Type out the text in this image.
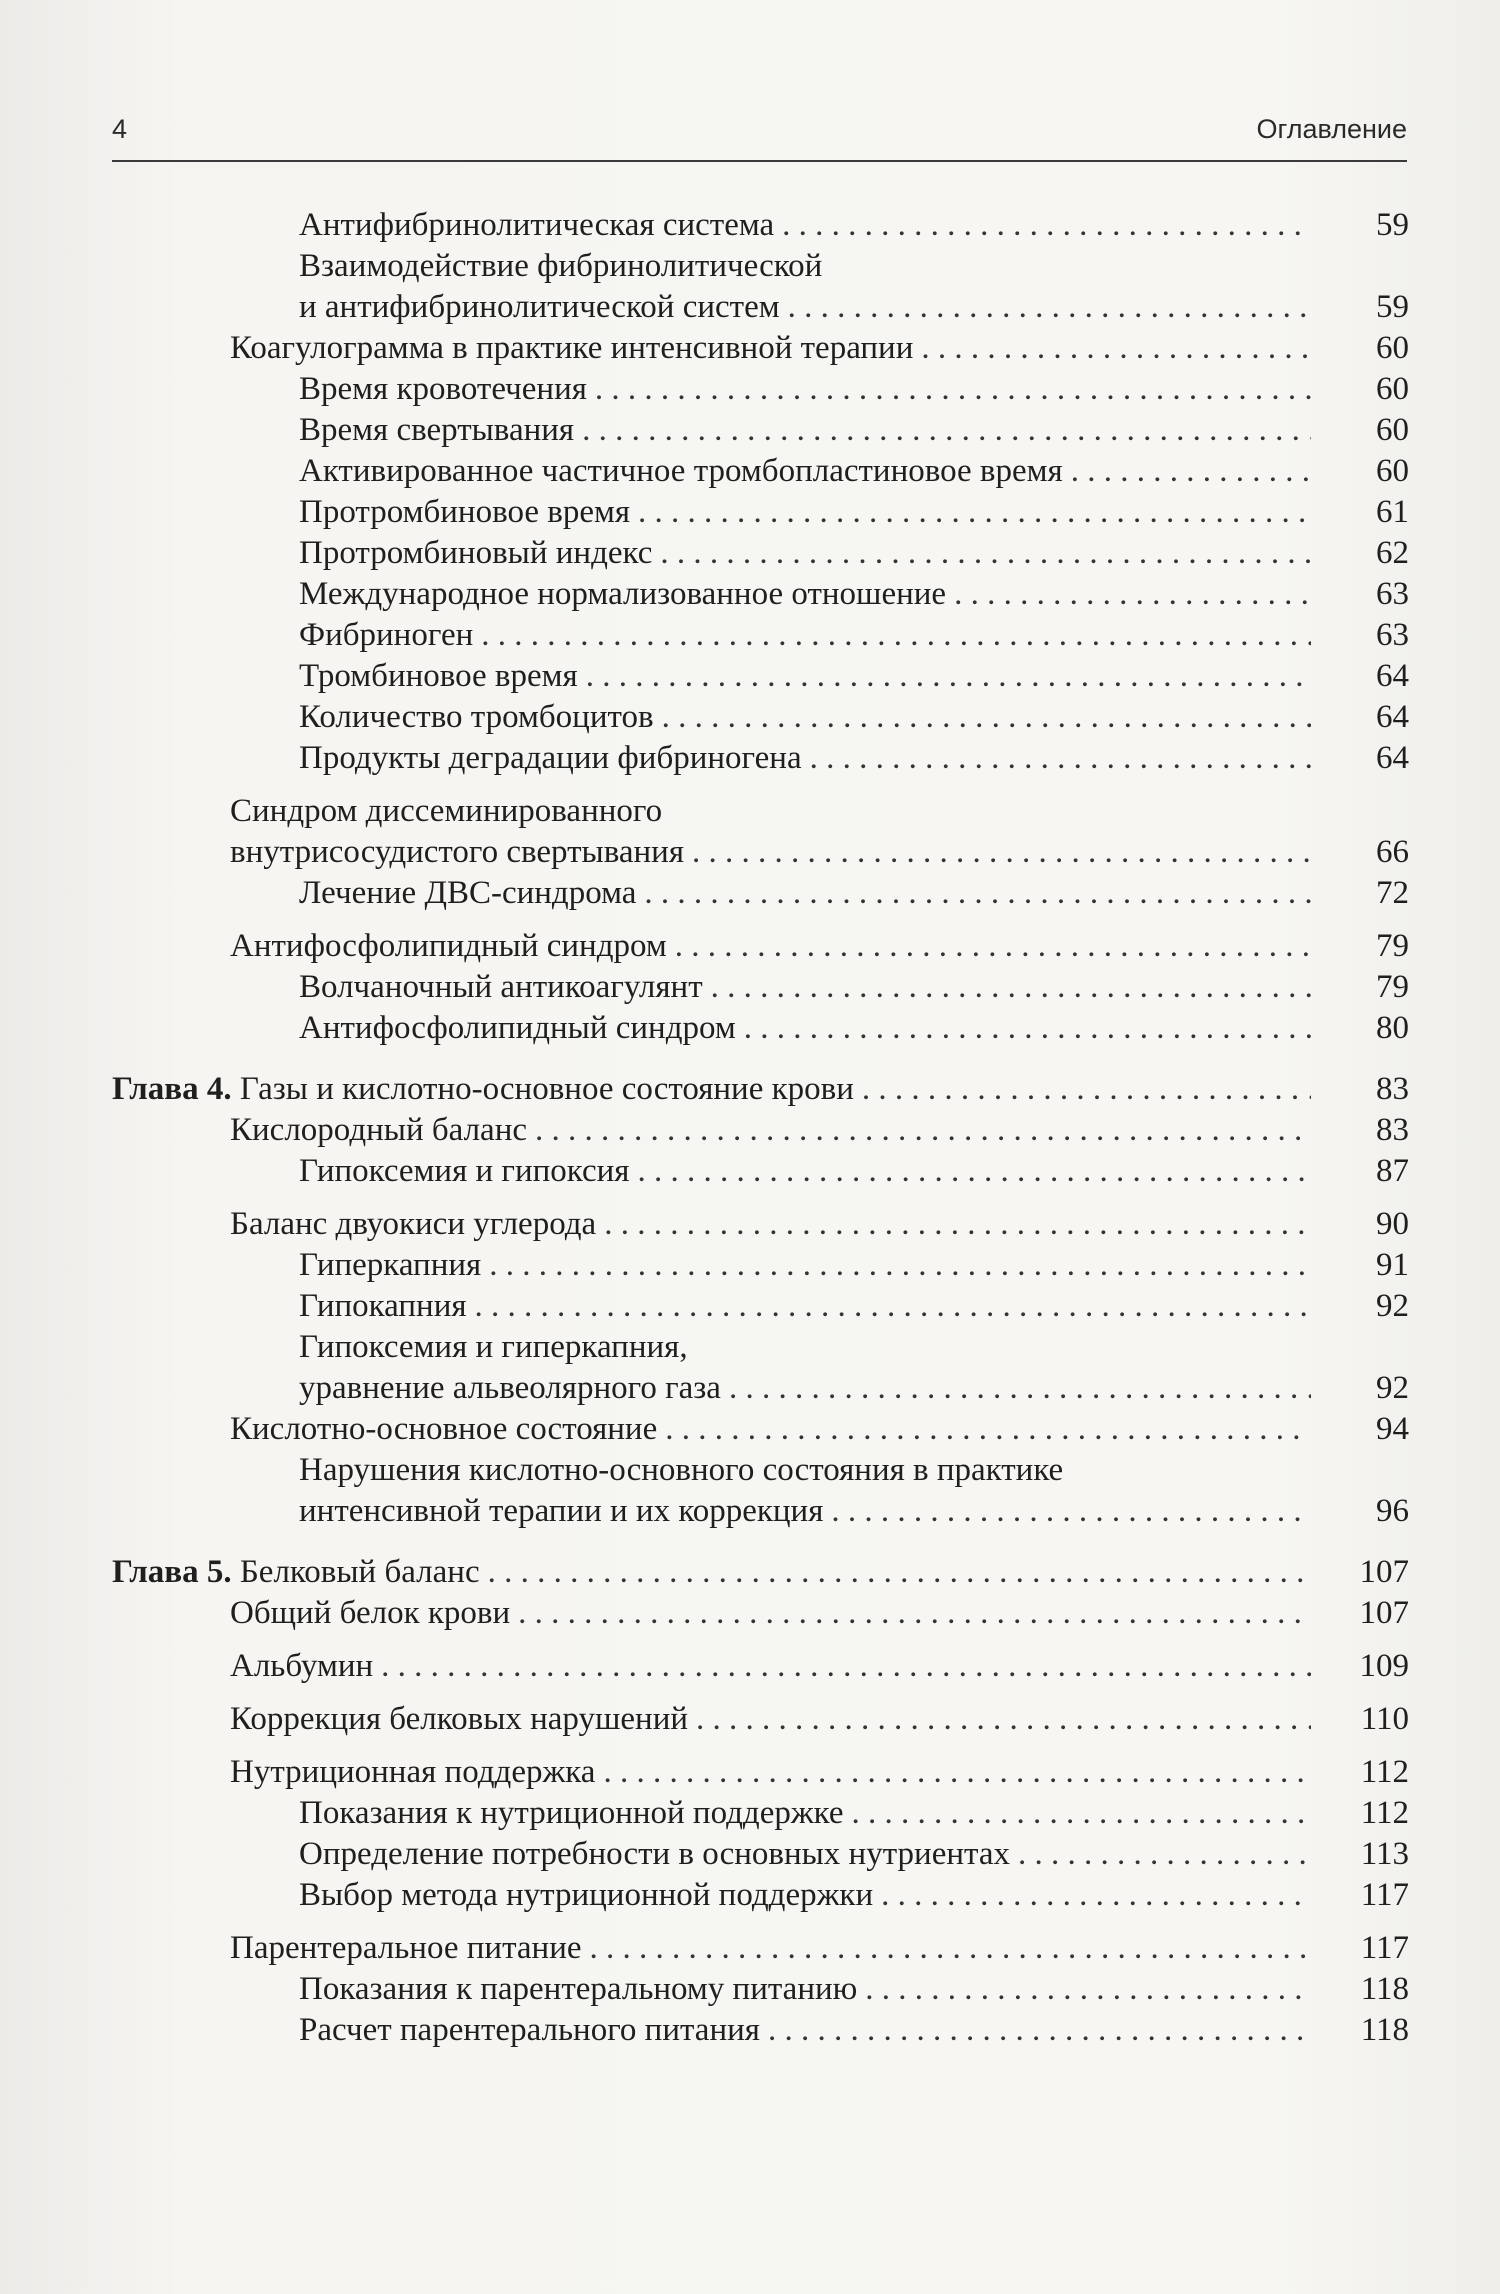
4	Оглавление
Антифибринолитическая система . . .	59
Взаимодействие фибринолитической
и антифибринолитической систем . . .	59
Коагулограмма в практике интенсивной терапии . . .	60
Время кровотечения . . .	60
Время свертывания . . .	60
Активированное частичное тромбопластиновое время . . .	60
Протромбиновое время . . .	61
Протромбиновый индекс . . .	62
Международное нормализованное отношение . . .	63
Фибриноген . . .	63
Тромбиновое время . . .	64
Количество тромбоцитов . . .	64
Продукты деградации фибриногена . . .	64
Синдром диссеминированного
внутрисосудистого свертывания . . .	66
Лечение ДВС-синдрома . . .	72
Антифосфолипидный синдром . . .	79
Волчаночный антикоагулянт . . .	79
Антифосфолипидный синдром . . .	80
Глава 4. Газы и кислотно-основное состояние крови . . .	83
Кислородный баланс . . .	83
Гипоксемия и гипоксия . . .	87
Баланс двуокиси углерода . . .	90
Гиперкапния . . .	91
Гипокапния . . .	92
Гипоксемия и гиперкапния,
уравнение альвеолярного газа . . .	92
Кислотно-основное состояние . . .	94
Нарушения кислотно-основного состояния в практике
интенсивной терапии и их коррекция . . .	96
Глава 5. Белковый баланс . . .	107
Общий белок крови . . .	107
Альбумин . . .	109
Коррекция белковых нарушений . . .	110
Нутриционная поддержка . . .	112
Показания к нутриционной поддержке . . .	112
Определение потребности в основных нутриентах . . .	113
Выбор метода нутриционной поддержки . . .	117
Парентеральное питание . . .	117
Показания к парентеральному питанию . . .	118
Расчет парентерального питания . . .	118
